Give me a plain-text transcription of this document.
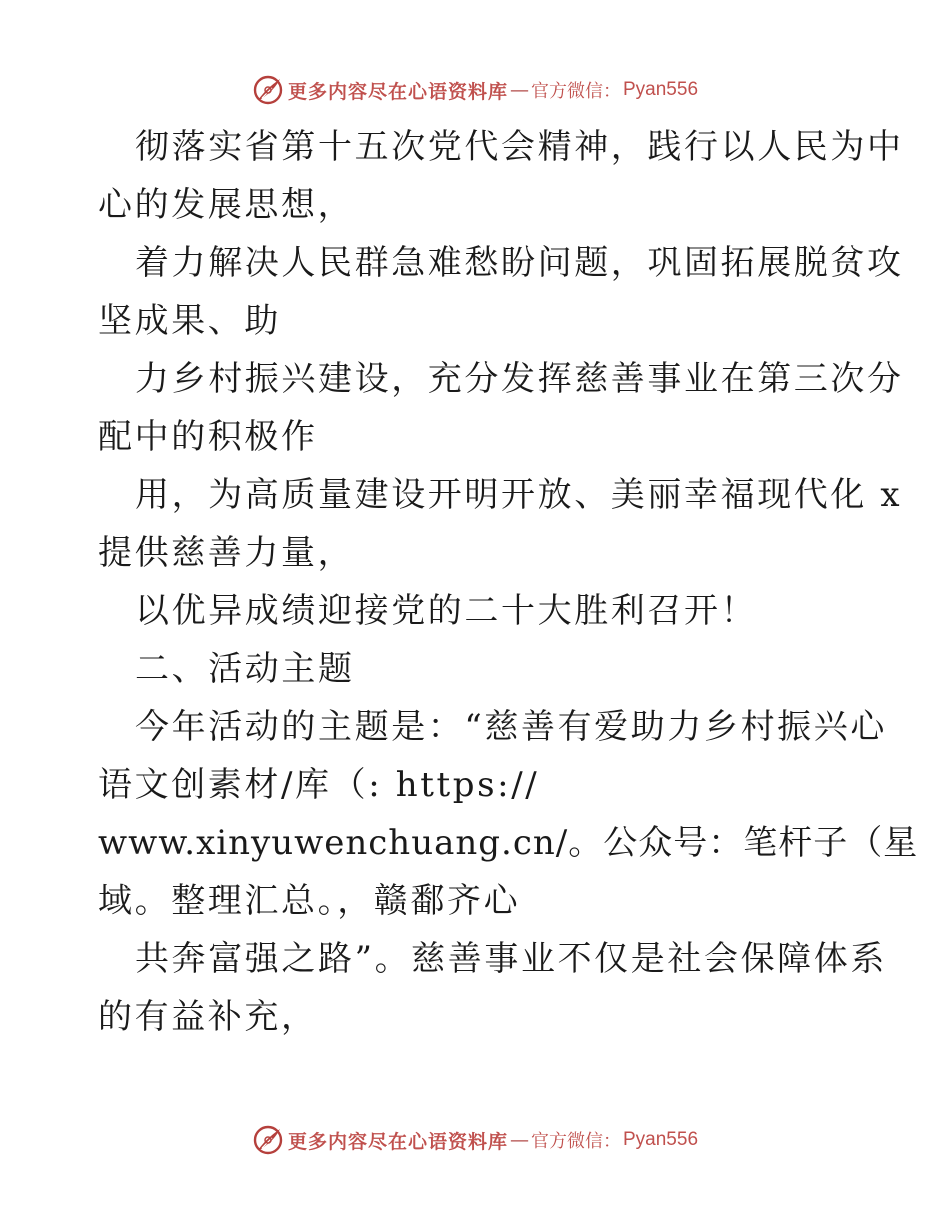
更多内容尽在心语资料库 — 官方微信： Pyan556
彻落实省第十五次党代会精神，践行以人民为中
心的发展思想，
着力解决人民群急难愁盼问题，巩固拓展脱贫攻
坚成果、助
力乡村振兴建设，充分发挥慈善事业在第三次分
配中的积极作
用，为高质量建设开明开放、美丽幸福现代化 x
提供慈善力量，
以优异成绩迎接党的二十大胜利召开！
二、活动主题
今年活动的主题是：“慈善有爱助力乡村振兴心
语文创素材/库（: https://
www.xinyuwenchuang.cn/。公众号：笔杆子（星
域。整理汇总。，赣鄱齐心
共奔富强之路”。慈善事业不仅是社会保障体系
的有益补充，
更多内容尽在心语资料库 — 官方微信： Pyan556
